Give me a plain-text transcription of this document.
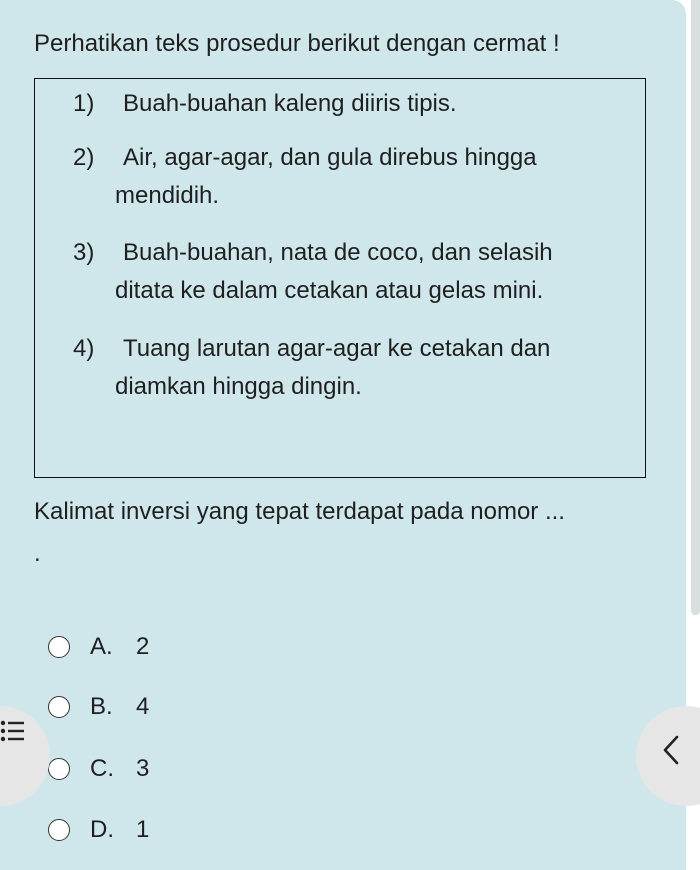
Perhatikan teks prosedur berikut dengan cermat !
1) Buah-buahan kaleng diiris tipis.
2) Air, agar-agar, dan gula direbus hingga
mendidih.
3) Buah-buahan, nata de coco, dan selasih
ditata ke dalam cetakan atau gelas mini.
4) Tuang larutan agar-agar ke cetakan dan
diamkan hingga dingin.
Kalimat inversi yang tepat terdapat pada nomor ...
.
A. 2
B. 4
C. 3
D. 1
